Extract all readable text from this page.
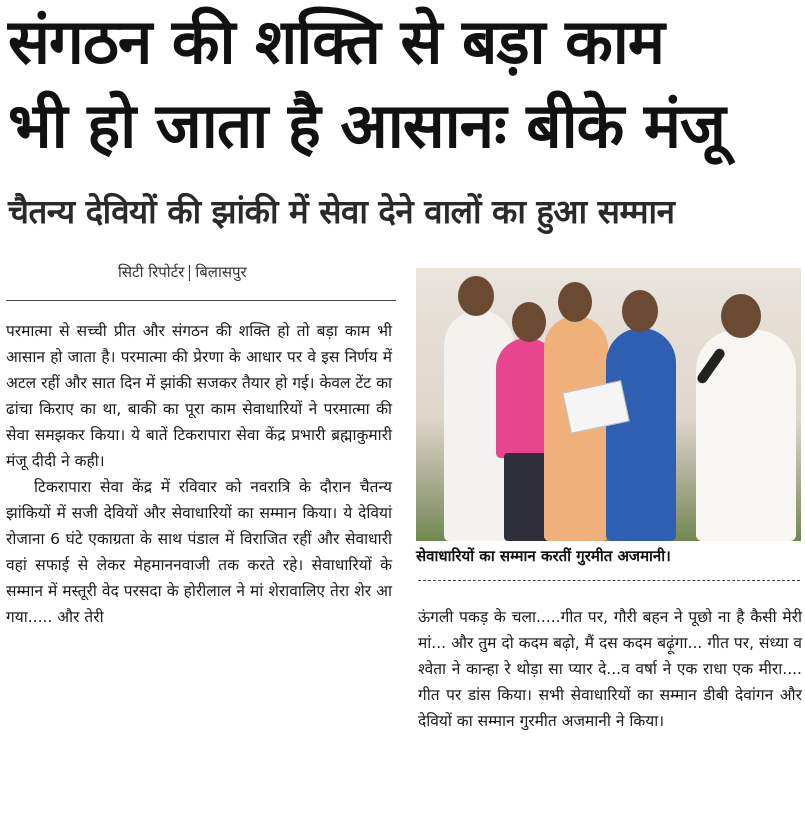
संगठन की शक्ति से बड़ा काम
भी हो जाता है आसानः बीके मंजू
चैतन्य देवियों की झांकी में सेवा देने वालों का हुआ सम्मान
सिटी रिपोर्टर बिलासपुर

परमात्मा से सच्ची प्रीत और संगठन की शक्ति हो तो बड़ा काम भी आसान हो जाता है। परमात्मा की प्रेरणा के आधार पर वे इस निर्णय में अटल रहीं और सात दिन में झांकी सजकर तैयार हो गई। केवल टेंट का ढांचा किराए का था, बाकी का पूरा काम सेवाधारियों ने परमात्मा की सेवा समझकर किया। ये बातें टिकरापारा सेवा केंद्र प्रभारी ब्रह्माकुमारी मंजू दीदी ने कही।

टिकरापारा सेवा केंद्र में रविवार को नवरात्रि के दौरान चैतन्य झांकियों में सजी देवियों और सेवाधारियों का सम्मान किया। ये देवियां रोजाना 6 घंटे एकाग्रता के साथ पंडाल में विराजित रहीं और सेवाधारी वहां सफाई से लेकर मेहमाननवाजी तक करते रहे। सेवाधारियों के सम्मान में मस्तूरी वेद परसदा के होरीलाल ने मां शेरावालिए तेरा शेर आ गया..... और तेरी

सेवाधारियों का सम्मान करतीं गुरमीत अजमानी।
ऊंगली पकड़ के चला.....गीत पर, गौरी बहन ने पूछो ना है कैसी मेरी मां... और तुम दो कदम बढ़ो, मैं दस कदम बढ़ूंगा... गीत पर, संध्या व श्वेता ने कान्हा रे थोड़ा सा प्यार दे...व वर्षा ने एक राधा एक मीरा.... गीत पर डांस किया। सभी सेवाधारियों का सम्मान डीबी देवांगन और देवियों का सम्मान गुरमीत अजमानी ने किया।
